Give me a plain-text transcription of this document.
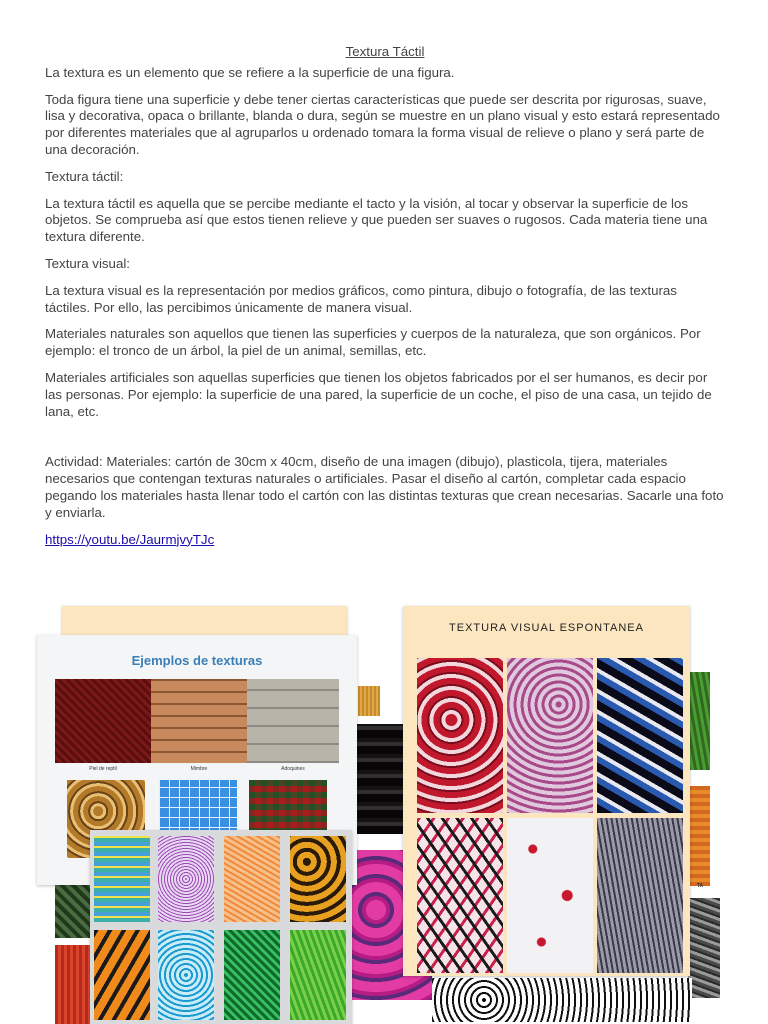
Textura Táctil

La textura es un elemento que se refiere a la superficie de una figura.

Toda figura tiene una superficie y debe tener ciertas características que puede ser descrita por rigurosas, suave, lisa y decorativa, opaca o brillante, blanda o dura, según se muestre en un plano visual y esto estará representado por diferentes materiales que al agruparlos u ordenado tomara la forma visual de relieve o plano y será parte de una decoración.

Textura táctil:

La textura táctil es aquella que se percibe mediante el tacto y la visión, al tocar y observar la superficie de los objetos. Se comprueba así que estos tienen relieve y que pueden ser suaves o rugosos. Cada materia tiene una textura diferente.

Textura visual:

La textura visual es la representación por medios gráficos, como pintura, dibujo o fotografía, de las texturas táctiles. Por ello, las percibimos únicamente de manera visual.

Materiales naturales son aquellos que tienen las superficies y cuerpos de la naturaleza, que son orgánicos. Por ejemplo: el tronco de un árbol, la piel de un animal, semillas, etc.

Materiales artificiales son aquellas superficies que tienen los objetos fabricados por el ser humanos, es decir por las personas. Por ejemplo: la superficie de una pared, la superficie de un coche, el piso de una casa, un tejido de lana, etc.

Actividad: Materiales: cartón de 30cm x 40cm, diseño de una imagen (dibujo), plasticola, tijera, materiales necesarios que contengan texturas naturales o artificiales. Pasar el diseño al cartón, completar cada espacio pegando los materiales hasta llenar todo el cartón con las distintas texturas que crean necesarias. Sacarle una foto y enviarla.

https://youtu.be/JaurmjvyTJc

TA
Ejemplos de texturas
Piel de reptil	Mimbre	Adoquines
TEXTURA VISUAL ESPONTANEA
